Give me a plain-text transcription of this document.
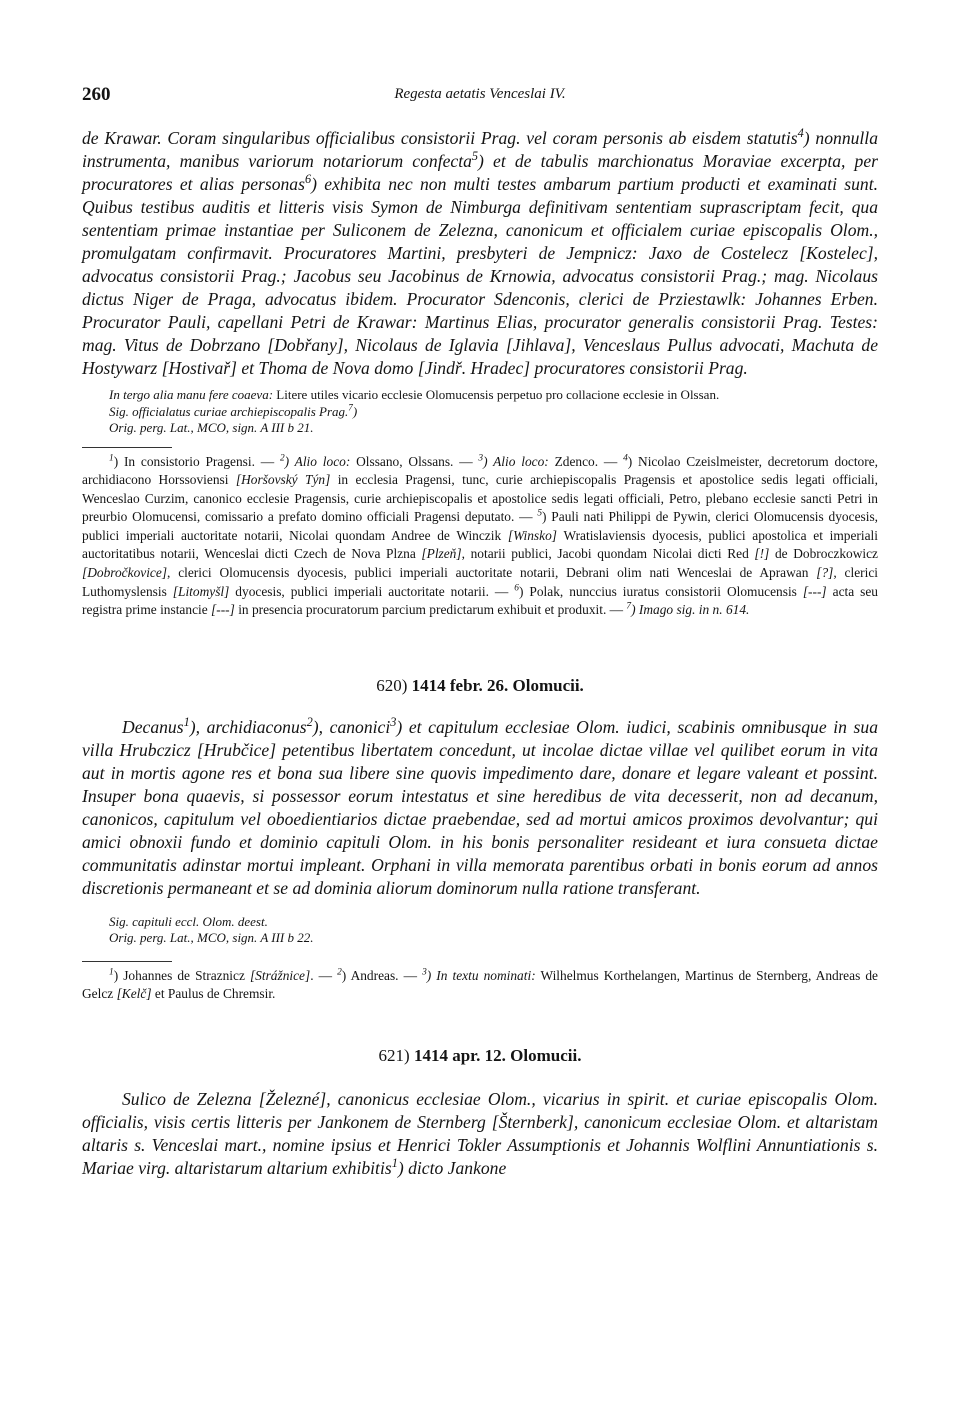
260	Regesta aetatis Venceslai IV.

de Krawar. Coram singularibus officialibus consistorii Prag. vel coram personis ab eisdem statutis$^4$) nonnulla instrumenta, manibus variorum notariorum confecta$^5$) et de tabulis marchionatus Moraviae excerpta, per procuratores et alias personas$^6$) exhibita nec non multi testes ambarum partium producti et examinati sunt. Quibus testibus auditis et litteris visis Symon de Nimburga definitivam sententiam suprascriptam fecit, qua sententiam primae instantiae per Suliconem de Zelezna, canonicum et officialem curiae episcopalis Olom., promulgatam confirmavit. Procuratores Martini, presbyteri de Jempnicz: Jaxo de Costelecz [Kostelec], advocatus consistorii Prag.; Jacobus seu Jacobinus de Krnowia, advocatus consistorii Prag.; mag. Nicolaus dictus Niger de Praga, advocatus ibidem. Procurator Sdenconis, clerici de Prziestawlk: Johannes Erben. Procurator Pauli, capellani Petri de Krawar: Martinus Elias, procurator generalis consistorii Prag. Testes: mag. Vitus de Dobrzano [Dobřany], Nicolaus de Iglavia [Jihlava], Venceslaus Pullus advocati, Machuta de Hostywarz [Hostivař] et Thoma de Nova domo [Jindř. Hradec] procuratores consistorii Prag.

In tergo alia manu fere coaeva: Litere utiles vicario ecclesie Olomucensis perpetuo pro collacione ecclesie in Olssan.

Sig. officialatus curiae archiepiscopalis Prag.$^7$)

Orig. perg. Lat., MCO, sign. A III b 21.

$^1$) In consistorio Pragensi. — $^2$) Alio loco: Olssano, Olssans. — $^3$) Alio loco: Zdenco. — $^4$) Nicolao Czeislmeister, decretorum doctore, archidiacono Horssoviensi [Horšovský Týn] in ecclesia Pragensi, tunc, curie archiepiscopalis Pragensis et apostolice sedis legati officiali, Wenceslao Curzim, canonico ecclesie Pragensis, curie archiepiscopalis et apostolice sedis legati officiali, Petro, plebano ecclesie sancti Petri in preurbio Olomucensi, comissario a prefato domino officiali Pragensi deputato. — $^5$) Pauli nati Philippi de Pywin, clerici Olomucensis dyocesis, publici imperiali auctoritate notarii, Nicolai quondam Andree de Winczik [Winsko] Wratislaviensis dyocesis, publici apostolica et imperiali auctoritatibus notarii, Wenceslai dicti Czech de Nova Plzna [Plzeň], notarii publici, Jacobi quondam Nicolai dicti Red [!] de Dobroczkowicz [Dobročkovice], clerici Olomucensis dyocesis, publici imperiali auctoritate notarii, Debrani olim nati Wenceslai de Aprawan [?], clerici Luthomyslensis [Litomyšl] dyocesis, publici imperiali auctoritate notarii. — $^6$) Polak, nunccius iuratus consistorii Olomucensis [---] acta seu registra prime instancie [---] in presencia procuratorum parcium predictarum exhibuit et produxit. — $^7$) Imago sig. in n. 614.

620) 1414 febr. 26. Olomucii.

Decanus$^1$), archidiaconus$^2$), canonici$^3$) et capitulum ecclesiae Olom. iudici, scabinis omnibusque in sua villa Hrubczicz [Hrubčice] petentibus libertatem concedunt, ut incolae dictae villae vel quilibet eorum in vita aut in mortis agone res et bona sua libere sine quovis impedimento dare, donare et legare valeant et possint. Insuper bona quaevis, si possessor eorum intestatus et sine heredibus de vita decesserit, non ad decanum, canonicos, capitulum vel oboedientiarios dictae praebendae, sed ad mortui amicos proximos devolvantur; qui amici obnoxii fundo et dominio capituli Olom. in his bonis personaliter resideant et iura consueta dictae communitatis adinstar mortui impleant. Orphani in villa memorata parentibus orbati in bonis eorum ad annos discretionis permaneant et se ad dominia aliorum dominorum nulla ratione transferant.

Sig. capituli eccl. Olom. deest.

Orig. perg. Lat., MCO, sign. A III b 22.

$^1$) Johannes de Straznicz [Strážnice]. — $^2$) Andreas. — $^3$) In textu nominati: Wilhelmus Korthelangen, Martinus de Sternberg, Andreas de Gelcz [Kelč] et Paulus de Chremsir.

621) 1414 apr. 12. Olomucii.

Sulico de Zelezna [Železné], canonicus ecclesiae Olom., vicarius in spirit. et curiae episcopalis Olom. officialis, visis certis litteris per Jankonem de Sternberg [Šternberk], canonicum ecclesiae Olom. et altaristam altaris s. Venceslai mart., nomine ipsius et Henrici Tokler Assumptionis et Johannis Wolflini Annuntiationis s. Mariae virg. altaristarum altarium exhibitis$^1$) dicto Jankone
